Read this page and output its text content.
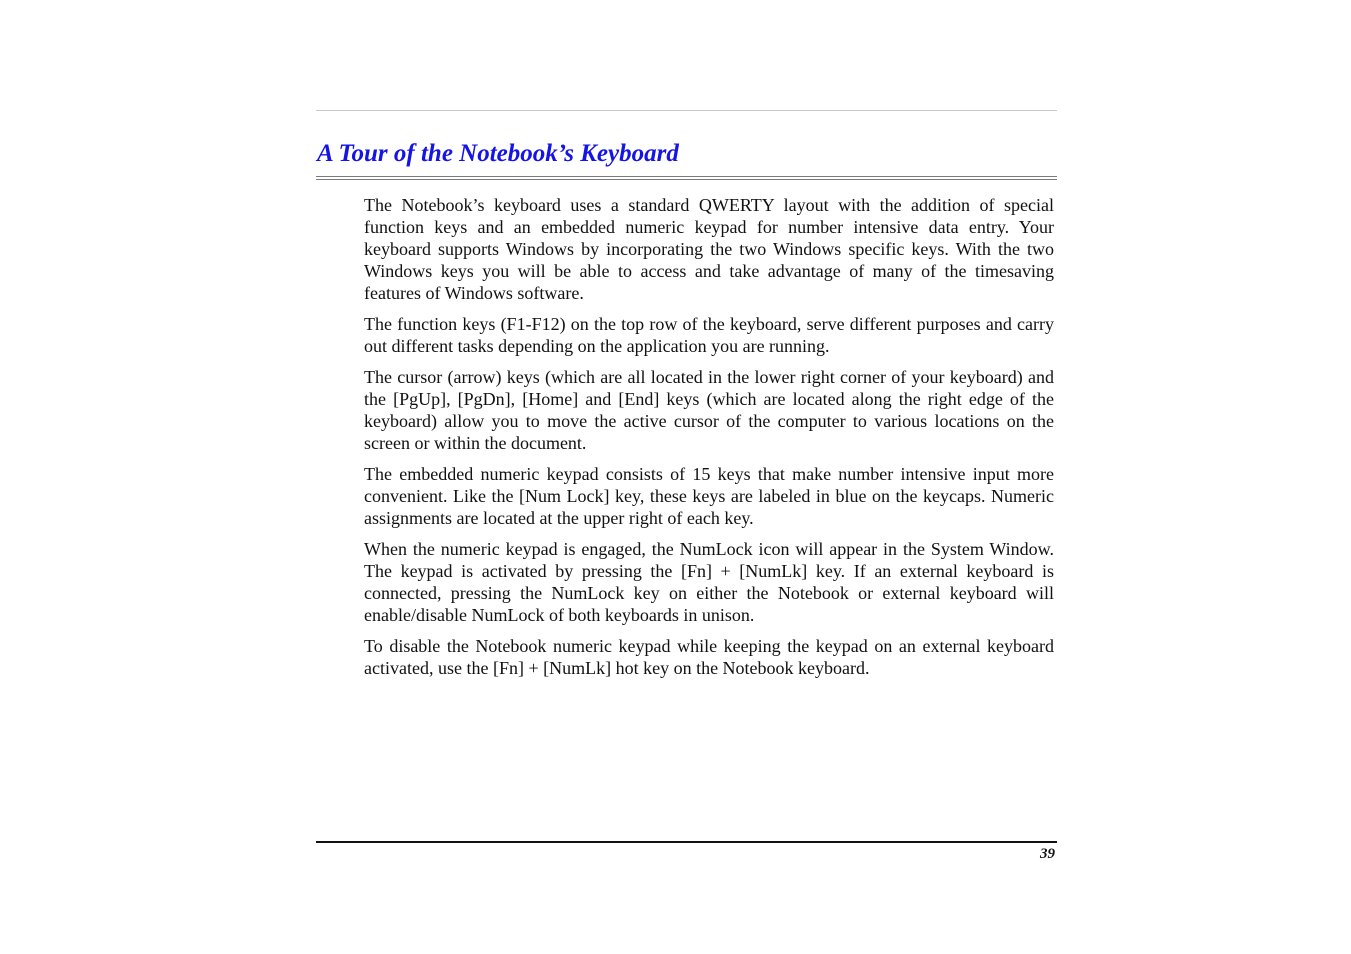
A Tour of the Notebook’s Keyboard

The Notebook’s keyboard uses a standard QWERTY layout with the addition of special function keys and an embedded numeric keypad for number intensive data entry. Your keyboard supports Windows by incorporating the two Windows specific keys. With the two Windows keys you will be able to access and take advantage of many of the timesaving features of Windows software.

The function keys (F1-F12) on the top row of the keyboard, serve different purposes and carry out different tasks depending on the application you are running.

The cursor (arrow) keys (which are all located in the lower right corner of your keyboard) and the [PgUp], [PgDn], [Home] and [End] keys (which are located along the right edge of the keyboard) allow you to move the active cursor of the computer to various locations on the screen or within the document.

The embedded numeric keypad consists of 15 keys that make number intensive input more convenient. Like the [Num Lock] key, these keys are labeled in blue on the keycaps. Numeric assignments are located at the upper right of each key.

When the numeric keypad is engaged, the NumLock icon will appear in the System Window. The keypad is activated by pressing the [Fn] + [NumLk] key. If an external keyboard is connected, pressing the NumLock key on either the Notebook or external keyboard will enable/disable NumLock of both keyboards in unison.

To disable the Notebook numeric keypad while keeping the keypad on an external keyboard activated, use the [Fn] + [NumLk] hot key on the Notebook keyboard.

39
